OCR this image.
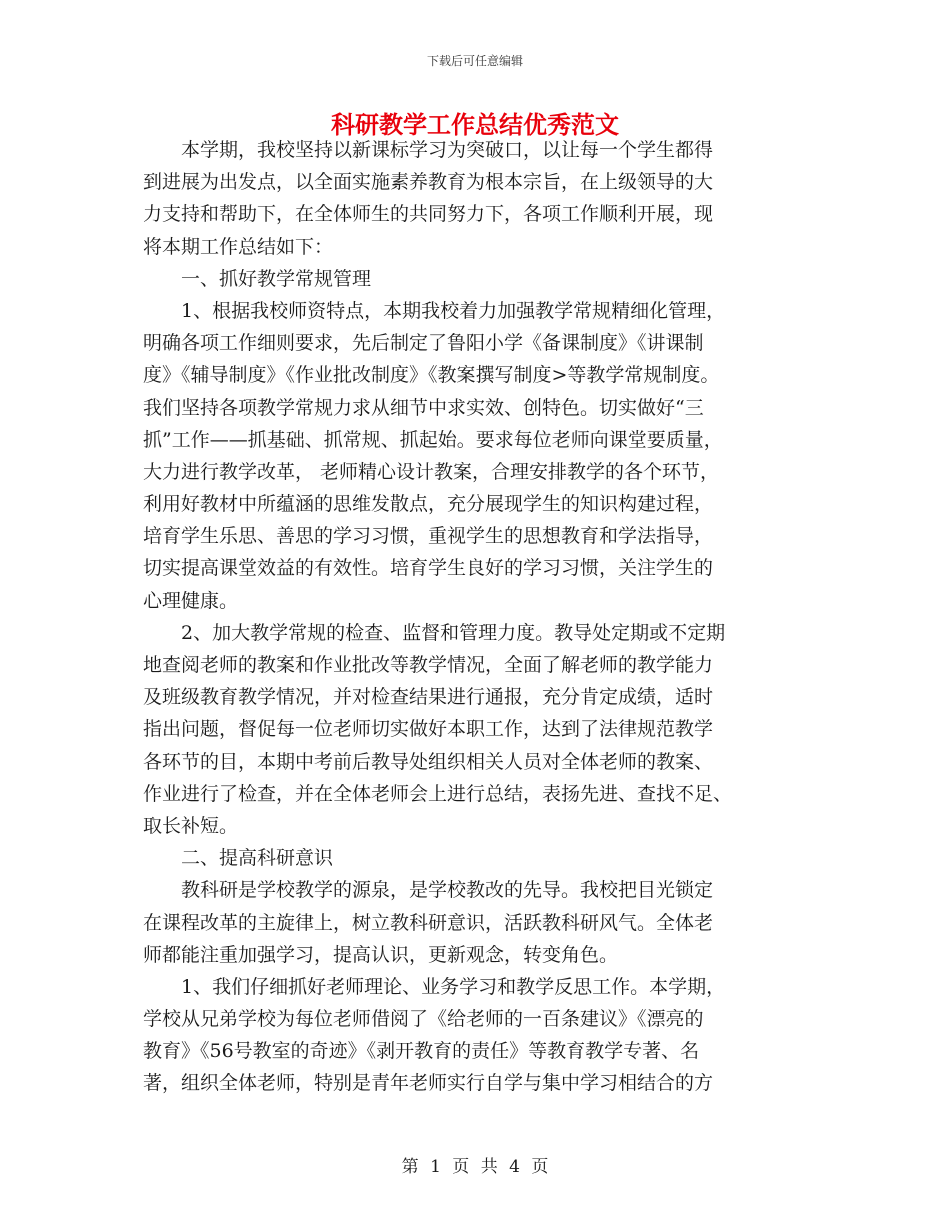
下载后可任意编辑
科研教学工作总结优秀范文
本学期，我校坚持以新课标学习为突破口，以让每一个学生都得
到进展为出发点，以全面实施素养教育为根本宗旨，在上级领导的大
力支持和帮助下，在全体师生的共同努力下，各项工作顺利开展，现
将本期工作总结如下：
一、抓好教学常规管理
1、根据我校师资特点，本期我校着力加强教学常规精细化管理，
明确各项工作细则要求，先后制定了鲁阳小学《备课制度》《讲课制
度》《辅导制度》《作业批改制度》《教案撰写制度>等教学常规制度。
我们坚持各项教学常规力求从细节中求实效、创特色。切实做好“三
抓”工作——抓基础、抓常规、抓起始。要求每位老师向课堂要质量，
大力进行教学改革， 老师精心设计教案，合理安排教学的各个环节，
利用好教材中所蕴涵的思维发散点，充分展现学生的知识构建过程，
培育学生乐思、善思的学习习惯，重视学生的思想教育和学法指导，
切实提高课堂效益的有效性。培育学生良好的学习习惯，关注学生的
心理健康。
2、加大教学常规的检查、监督和管理力度。教导处定期或不定期
地查阅老师的教案和作业批改等教学情况，全面了解老师的教学能力
及班级教育教学情况，并对检查结果进行通报，充分肯定成绩，适时
指出问题，督促每一位老师切实做好本职工作，达到了法律规范教学
各环节的目，本期中考前后教导处组织相关人员对全体老师的教案、
作业进行了检查，并在全体老师会上进行总结，表扬先进、查找不足、
取长补短。
二、提高科研意识
教科研是学校教学的源泉，是学校教改的先导。我校把目光锁定
在课程改革的主旋律上，树立教科研意识，活跃教科研风气。全体老
师都能注重加强学习，提高认识，更新观念，转变角色。
1、我们仔细抓好老师理论、业务学习和教学反思工作。本学期，
学校从兄弟学校为每位老师借阅了《给老师的一百条建议》《漂亮的
教育》《56号教室的奇迹》《剥开教育的责任》等教育教学专著、名
著，组织全体老师，特别是青年老师实行自学与集中学习相结合的方
第 1 页 共 4 页
